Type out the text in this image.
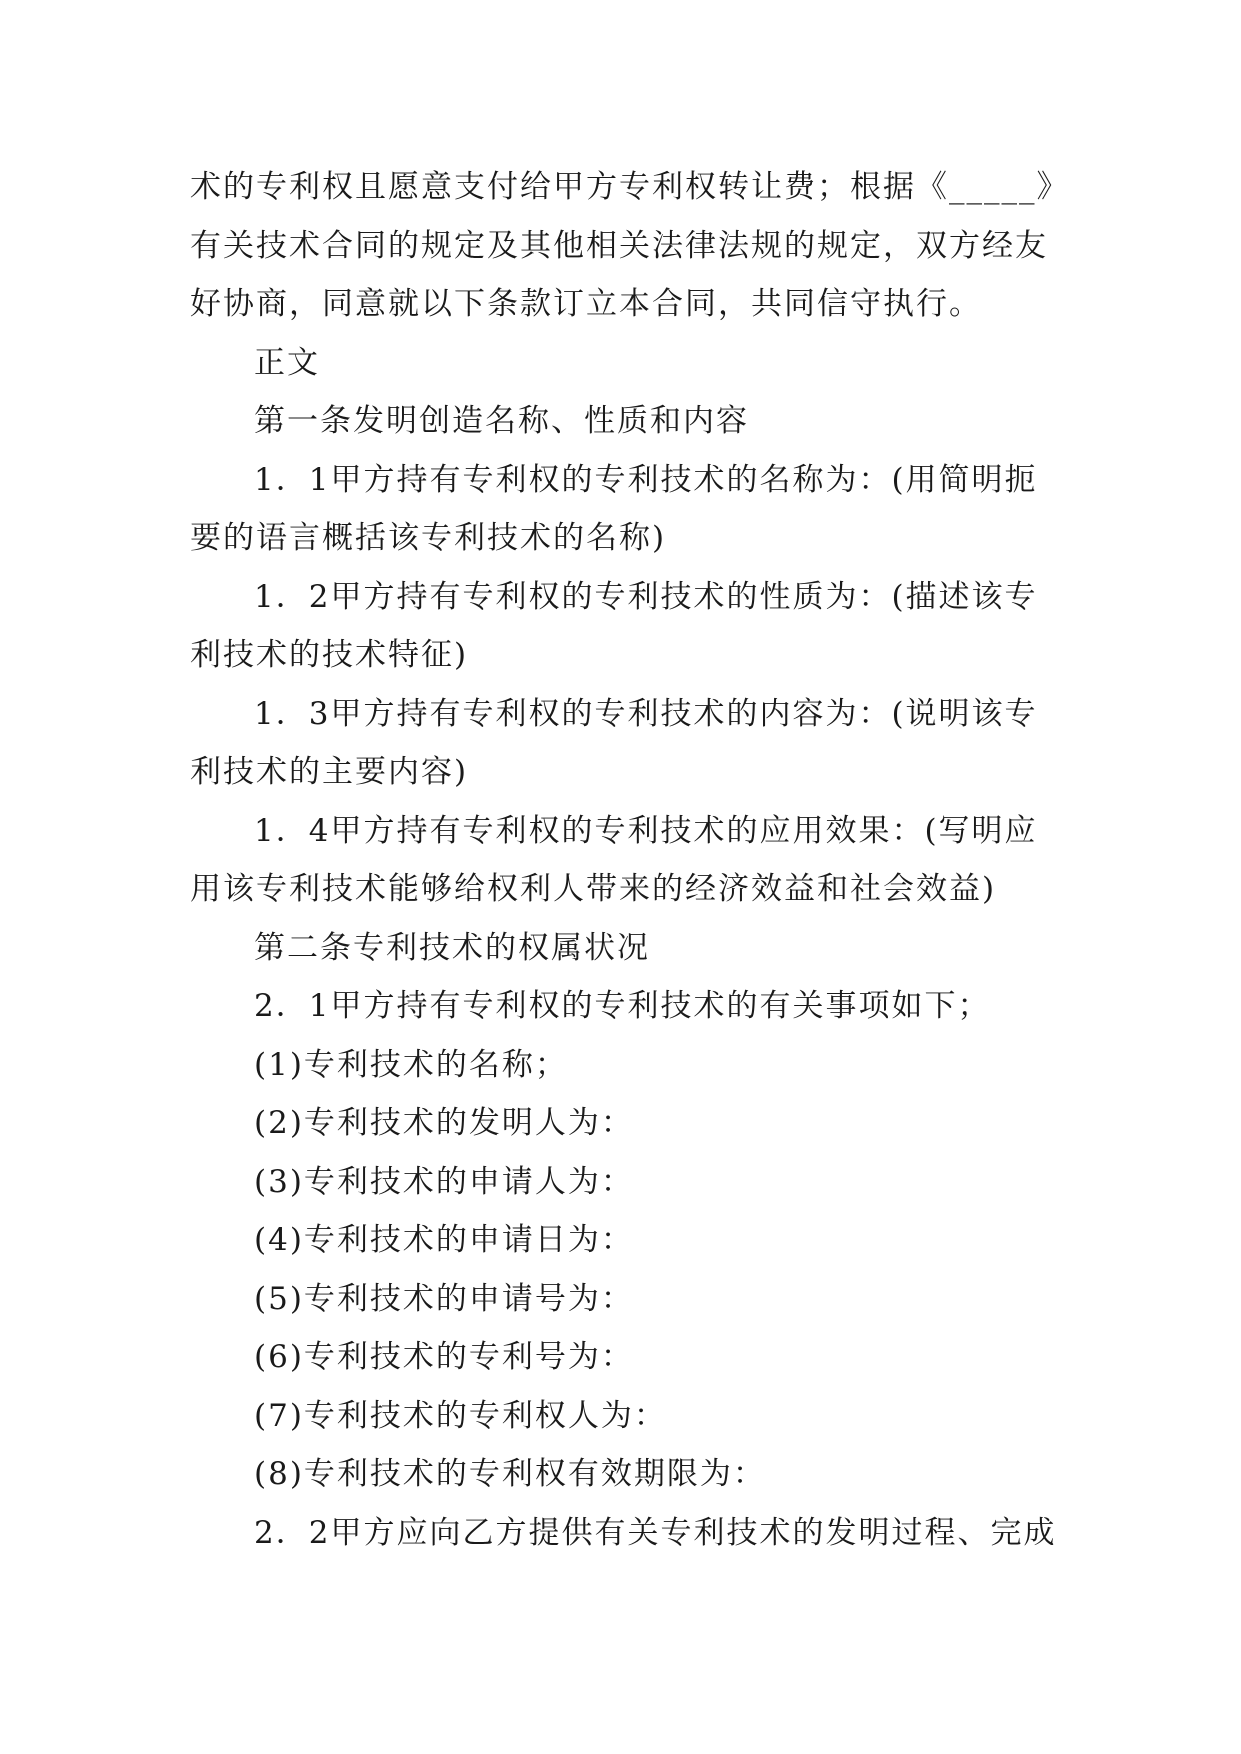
术的专利权且愿意支付给甲方专利权转让费；根据《_____》
有关技术合同的规定及其他相关法律法规的规定，双方经友
好协商，同意就以下条款订立本合同，共同信守执行。
正文
第一条发明创造名称、性质和内容
1．1甲方持有专利权的专利技术的名称为：(用简明扼
要的语言概括该专利技术的名称)
1．2甲方持有专利权的专利技术的性质为：(描述该专
利技术的技术特征)
1．3甲方持有专利权的专利技术的内容为：(说明该专
利技术的主要内容)
1．4甲方持有专利权的专利技术的应用效果：(写明应
用该专利技术能够给权利人带来的经济效益和社会效益)
第二条专利技术的权属状况
2．1甲方持有专利权的专利技术的有关事项如下；
(1)专利技术的名称；
(2)专利技术的发明人为：
(3)专利技术的申请人为：
(4)专利技术的申请日为：
(5)专利技术的申请号为：
(6)专利技术的专利号为：
(7)专利技术的专利权人为：
(8)专利技术的专利权有效期限为：
2．2甲方应向乙方提供有关专利技术的发明过程、完成
